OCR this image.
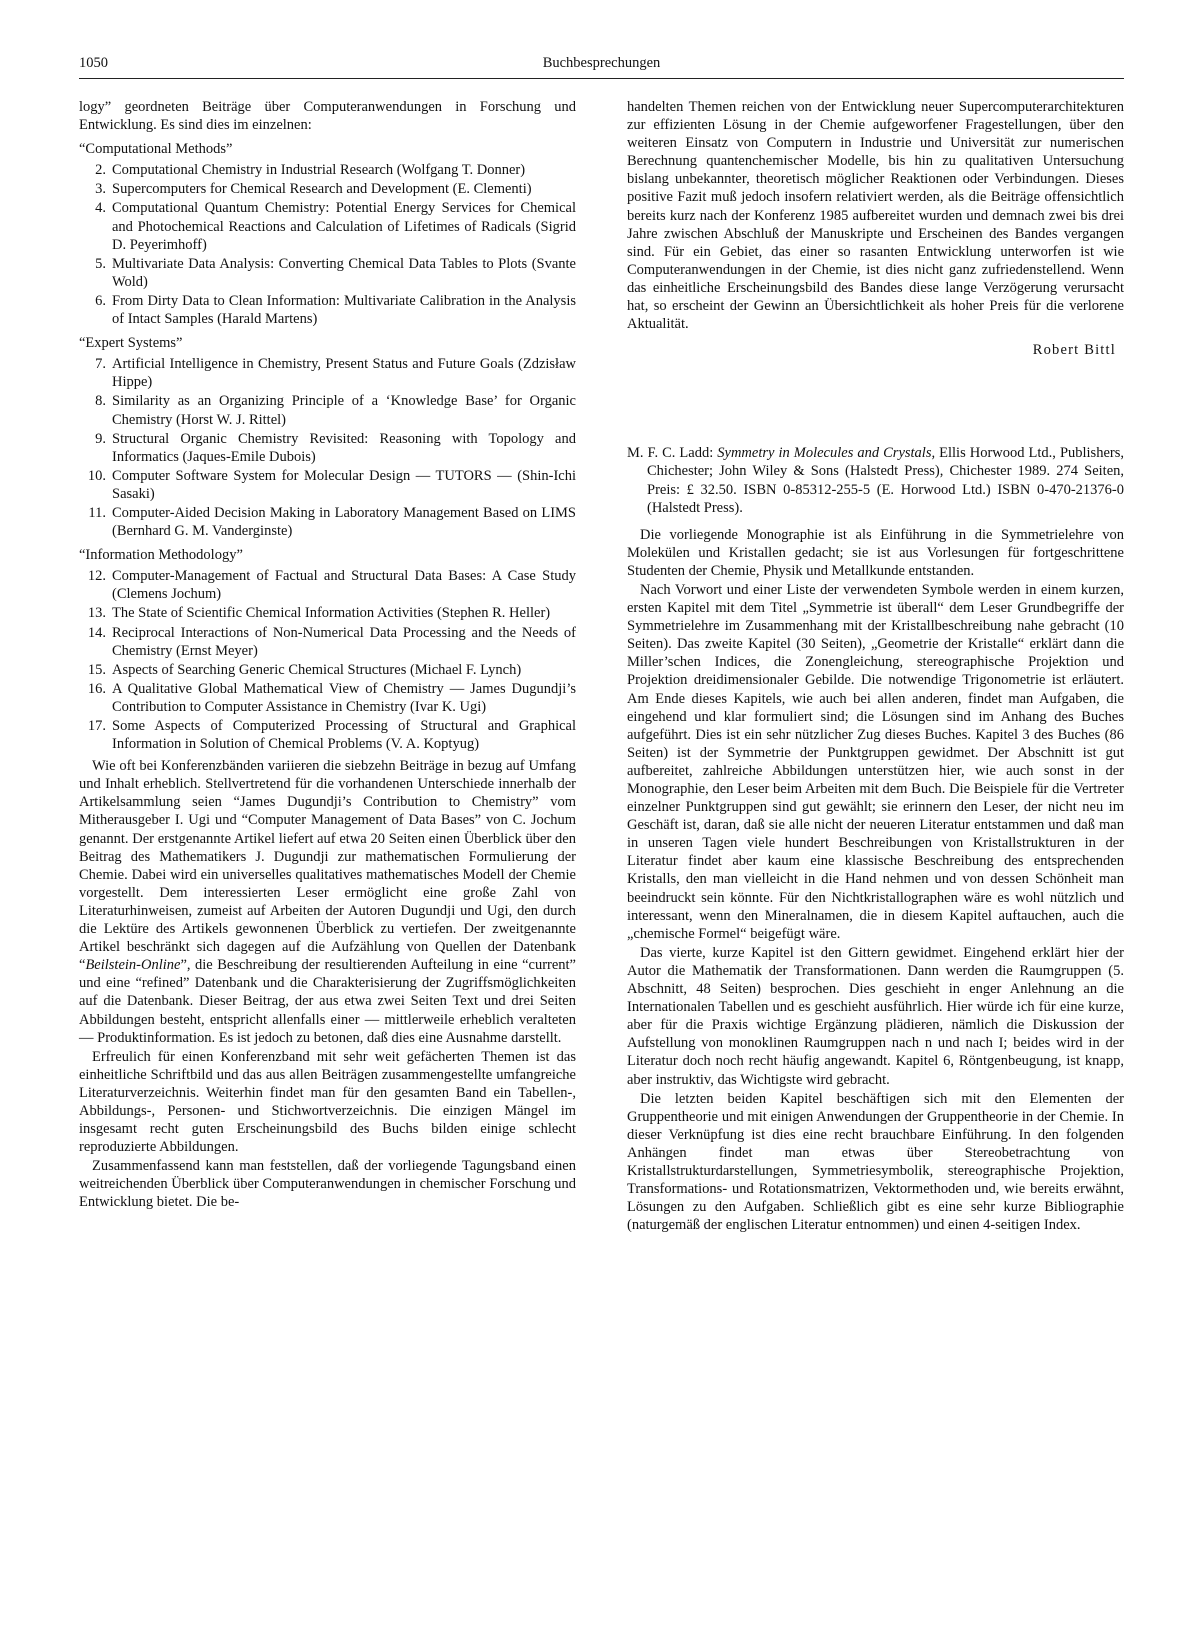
1050	Buchbesprechungen

logy” geordneten Beiträge über Computeranwendungen in Forschung und Entwicklung. Es sind dies im einzelnen:

“Computational Methods”
2. Computational Chemistry in Industrial Research (Wolfgang T. Donner)
3. Supercomputers for Chemical Research and Development (E. Clementi)
4. Computational Quantum Chemistry: Potential Energy Services for Chemical and Photochemical Reactions and Calculation of Lifetimes of Radicals (Sigrid D. Peyerimhoff)
5. Multivariate Data Analysis: Converting Chemical Data Tables to Plots (Svante Wold)
6. From Dirty Data to Clean Information: Multivariate Calibration in the Analysis of Intact Samples (Harald Martens)
“Expert Systems”
7. Artificial Intelligence in Chemistry, Present Status and Future Goals (Zdzisław Hippe)
8. Similarity as an Organizing Principle of a ‘Knowledge Base’ for Organic Chemistry (Horst W. J. Rittel)
9. Structural Organic Chemistry Revisited: Reasoning with Topology and Informatics (Jaques-Emile Dubois)
10. Computer Software System for Molecular Design — TUTORS — (Shin-Ichi Sasaki)
11. Computer-Aided Decision Making in Laboratory Management Based on LIMS (Bernhard G. M. Vanderginste)
“Information Methodology”
12. Computer-Management of Factual and Structural Data Bases: A Case Study (Clemens Jochum)
13. The State of Scientific Chemical Information Activities (Stephen R. Heller)
14. Reciprocal Interactions of Non-Numerical Data Processing and the Needs of Chemistry (Ernst Meyer)
15. Aspects of Searching Generic Chemical Structures (Michael F. Lynch)
16. A Qualitative Global Mathematical View of Chemistry — James Dugundji’s Contribution to Computer Assistance in Chemistry (Ivar K. Ugi)
17. Some Aspects of Computerized Processing of Structural and Graphical Information in Solution of Chemical Problems (V. A. Koptyug)

Wie oft bei Konferenzbänden variieren die siebzehn Beiträge in bezug auf Umfang und Inhalt erheblich. Stellvertretend für die vorhandenen Unterschiede innerhalb der Artikelsammlung seien “James Dugundji’s Contribution to Chemistry” vom Mitherausgeber I. Ugi und “Computer Management of Data Bases” von C. Jochum genannt. Der erstgenannte Artikel liefert auf etwa 20 Seiten einen Überblick über den Beitrag des Mathematikers J. Dugundji zur mathematischen Formulierung der Chemie. Dabei wird ein universelles qualitatives mathematisches Modell der Chemie vorgestellt. Dem interessierten Leser ermöglicht eine große Zahl von Literaturhinweisen, zumeist auf Arbeiten der Autoren Dugundji und Ugi, den durch die Lektüre des Artikels gewonnenen Überblick zu vertiefen. Der zweitgenannte Artikel beschränkt sich dagegen auf die Aufzählung von Quellen der Datenbank “Beilstein-Online”, die Beschreibung der resultierenden Aufteilung in eine “current” und eine “refined” Datenbank und die Charakterisierung der Zugriffsmöglichkeiten auf die Datenbank. Dieser Beitrag, der aus etwa zwei Seiten Text und drei Seiten Abbildungen besteht, entspricht allenfalls einer — mittlerweile erheblich veralteten — Produktinformation. Es ist jedoch zu betonen, daß dies eine Ausnahme darstellt.

Erfreulich für einen Konferenzband mit sehr weit gefächerten Themen ist das einheitliche Schriftbild und das aus allen Beiträgen zusammengestellte umfangreiche Literaturverzeichnis. Weiterhin findet man für den gesamten Band ein Tabellen-, Abbildungs-, Personen- und Stichwortverzeichnis. Die einzigen Mängel im insgesamt recht guten Erscheinungsbild des Buchs bilden einige schlecht reproduzierte Abbildungen.

Zusammenfassend kann man feststellen, daß der vorliegende Tagungsband einen weitreichenden Überblick über Computeranwendungen in chemischer Forschung und Entwicklung bietet. Die be-

handelten Themen reichen von der Entwicklung neuer Supercomputerarchitekturen zur effizienten Lösung in der Chemie aufgeworfener Fragestellungen, über den weiteren Einsatz von Computern in Industrie und Universität zur numerischen Berechnung quantenchemischer Modelle, bis hin zu qualitativen Untersuchung bislang unbekannter, theoretisch möglicher Reaktionen oder Verbindungen. Dieses positive Fazit muß jedoch insofern relativiert werden, als die Beiträge offensichtlich bereits kurz nach der Konferenz 1985 aufbereitet wurden und demnach zwei bis drei Jahre zwischen Abschluß der Manuskripte und Erscheinen des Bandes vergangen sind. Für ein Gebiet, das einer so rasanten Entwicklung unterworfen ist wie Computeranwendungen in der Chemie, ist dies nicht ganz zufriedenstellend. Wenn das einheitliche Erscheinungsbild des Bandes diese lange Verzögerung verursacht hat, so erscheint der Gewinn an Übersichtlichkeit als hoher Preis für die verlorene Aktualität.

Robert Bittl

M. F. C. Ladd: Symmetry in Molecules and Crystals, Ellis Horwood Ltd., Publishers, Chichester; John Wiley & Sons (Halstedt Press), Chichester 1989. 274 Seiten, Preis: £ 32.50. ISBN 0-85312-255-5 (E. Horwood Ltd.) ISBN 0-470-21376-0 (Halstedt Press).

Die vorliegende Monographie ist als Einführung in die Symmetrielehre von Molekülen und Kristallen gedacht; sie ist aus Vorlesungen für fortgeschrittene Studenten der Chemie, Physik und Metallkunde entstanden.

Nach Vorwort und einer Liste der verwendeten Symbole werden in einem kurzen, ersten Kapitel mit dem Titel „Symmetrie ist überall“ dem Leser Grundbegriffe der Symmetrielehre im Zusammenhang mit der Kristallbeschreibung nahe gebracht (10 Seiten). Das zweite Kapitel (30 Seiten), „Geometrie der Kristalle“ erklärt dann die Miller’schen Indices, die Zonengleichung, stereographische Projektion und Projektion dreidimensionaler Gebilde. Die notwendige Trigonometrie ist erläutert. Am Ende dieses Kapitels, wie auch bei allen anderen, findet man Aufgaben, die eingehend und klar formuliert sind; die Lösungen sind im Anhang des Buches aufgeführt. Dies ist ein sehr nützlicher Zug dieses Buches. Kapitel 3 des Buches (86 Seiten) ist der Symmetrie der Punktgruppen gewidmet. Der Abschnitt ist gut aufbereitet, zahlreiche Abbildungen unterstützen hier, wie auch sonst in der Monographie, den Leser beim Arbeiten mit dem Buch. Die Beispiele für die Vertreter einzelner Punktgruppen sind gut gewählt; sie erinnern den Leser, der nicht neu im Geschäft ist, daran, daß sie alle nicht der neueren Literatur entstammen und daß man in unseren Tagen viele hundert Beschreibungen von Kristallstrukturen in der Literatur findet aber kaum eine klassische Beschreibung des entsprechenden Kristalls, den man vielleicht in die Hand nehmen und von dessen Schönheit man beeindruckt sein könnte. Für den Nichtkristallographen wäre es wohl nützlich und interessant, wenn den Mineralnamen, die in diesem Kapitel auftauchen, auch die „chemische Formel“ beigefügt wäre.

Das vierte, kurze Kapitel ist den Gittern gewidmet. Eingehend erklärt hier der Autor die Mathematik der Transformationen. Dann werden die Raumgruppen (5. Abschnitt, 48 Seiten) besprochen. Dies geschieht in enger Anlehnung an die Internationalen Tabellen und es geschieht ausführlich. Hier würde ich für eine kurze, aber für die Praxis wichtige Ergänzung plädieren, nämlich die Diskussion der Aufstellung von monoklinen Raumgruppen nach n und nach I; beides wird in der Literatur doch noch recht häufig angewandt. Kapitel 6, Röntgenbeugung, ist knapp, aber instruktiv, das Wichtigste wird gebracht.

Die letzten beiden Kapitel beschäftigen sich mit den Elementen der Gruppentheorie und mit einigen Anwendungen der Gruppentheorie in der Chemie. In dieser Verknüpfung ist dies eine recht brauchbare Einführung. In den folgenden Anhängen findet man etwas über Stereobetrachtung von Kristallstrukturdarstellungen, Symmetriesymbolik, stereographische Projektion, Transformations- und Rotationsmatrizen, Vektormethoden und, wie bereits erwähnt, Lösungen zu den Aufgaben. Schließlich gibt es eine sehr kurze Bibliographie (naturgemäß der englischen Literatur entnommen) und einen 4-seitigen Index.
